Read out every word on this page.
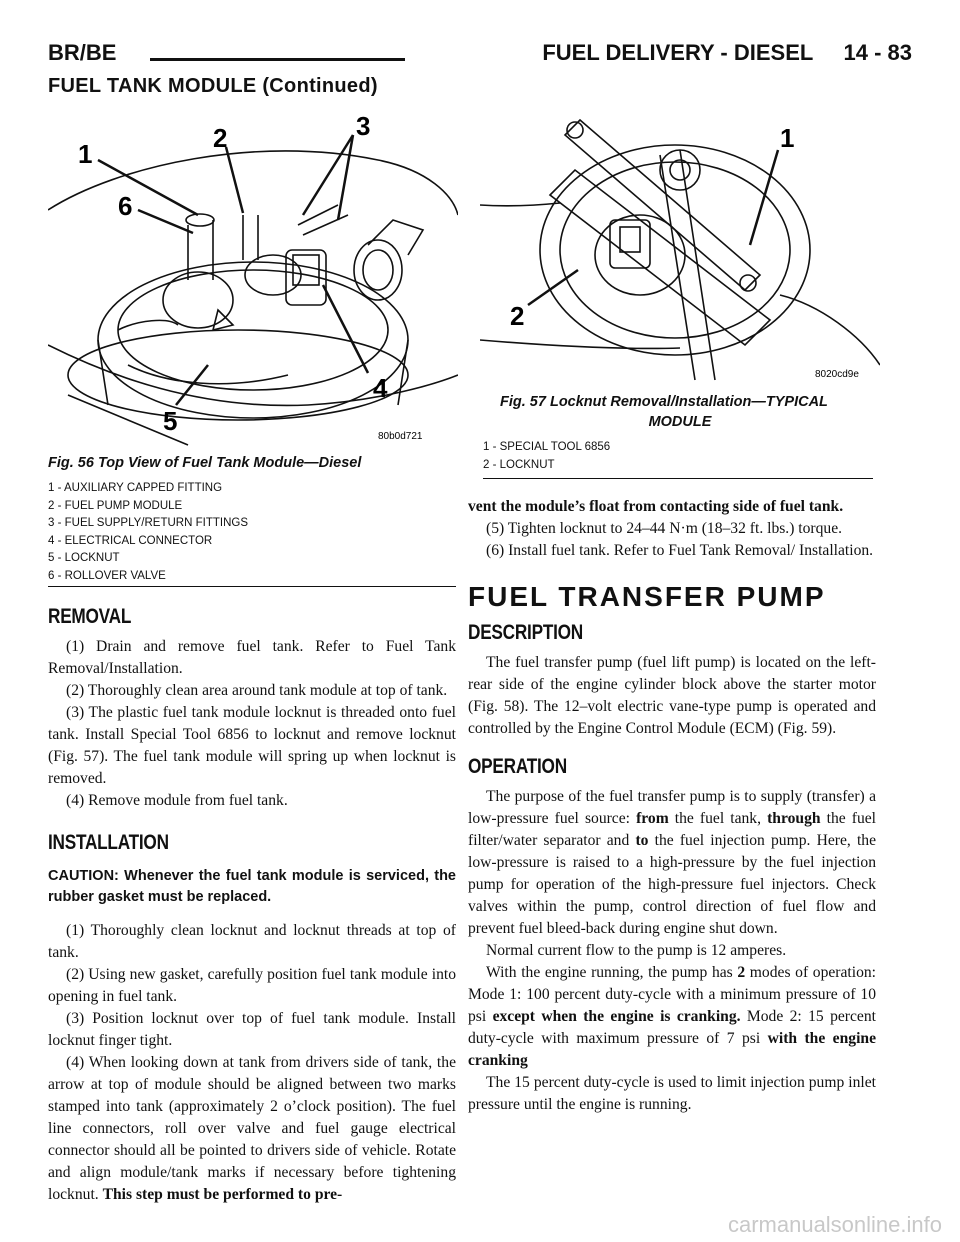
BR/BE	FUEL DELIVERY - DIESEL     14 - 83
FUEL TANK MODULE (Continued)
1
2	3
6
4
5
80b0d721
Fig. 56 Top View of Fuel Tank Module—Diesel
1 - AUXILIARY CAPPED FITTING
2 - FUEL PUMP MODULE
3 - FUEL SUPPLY/RETURN FITTINGS
4 - ELECTRICAL CONNECTOR
5 - LOCKNUT
6 - ROLLOVER VALVE
1
2
8020cd9e
Fig. 57 Locknut Removal/Installation—TYPICAL
MODULE
1 - SPECIAL TOOL 6856
2 - LOCKNUT

REMOVAL

(1) Drain and remove fuel tank. Refer to Fuel Tank Removal/Installation.

(2) Thoroughly clean area around tank module at top of tank.

(3) The plastic fuel tank module locknut is threaded onto fuel tank. Install Special Tool 6856 to locknut and remove locknut (Fig. 57). The fuel tank module will spring up when locknut is removed.

(4) Remove module from fuel tank.

INSTALLATION

CAUTION: Whenever the fuel tank module is serviced, the rubber gasket must be replaced.

(1) Thoroughly clean locknut and locknut threads at top of tank.

(2) Using new gasket, carefully position fuel tank module into opening in fuel tank.

(3) Position locknut over top of fuel tank module. Install locknut finger tight.

(4) When looking down at tank from drivers side of tank, the arrow at top of module should be aligned between two marks stamped into tank (approximately 2 o’clock position). The fuel line connectors, roll over valve and fuel gauge electrical connector should all be pointed to drivers side of vehicle. Rotate and align module/tank marks if necessary before tightening locknut. This step must be performed to pre-

vent the module’s float from contacting side of fuel tank.

(5) Tighten locknut to 24–44 N·m (18–32 ft. lbs.) torque.

(6) Install fuel tank. Refer to Fuel Tank Removal/ Installation.

FUEL TRANSFER PUMP

DESCRIPTION

The fuel transfer pump (fuel lift pump) is located on the left-rear side of the engine cylinder block above the starter motor (Fig. 58). The 12–volt electric vane-type pump is operated and controlled by the Engine Control Module (ECM) (Fig. 59).

OPERATION

The purpose of the fuel transfer pump is to supply (transfer) a low-pressure fuel source: from the fuel tank, through the fuel filter/water separator and to the fuel injection pump. Here, the low-pressure is raised to a high-pressure by the fuel injection pump for operation of the high-pressure fuel injectors. Check valves within the pump, control direction of fuel flow and prevent fuel bleed-back during engine shut down.

Normal current flow to the pump is 12 amperes.

With the engine running, the pump has 2 modes of operation: Mode 1: 100 percent duty-cycle with a minimum pressure of 10 psi except when the engine is cranking. Mode 2: 15 percent duty-cycle with maximum pressure of 7 psi with the engine cranking

The 15 percent duty-cycle is used to limit injection pump inlet pressure until the engine is running.

carmanualsonline.info
